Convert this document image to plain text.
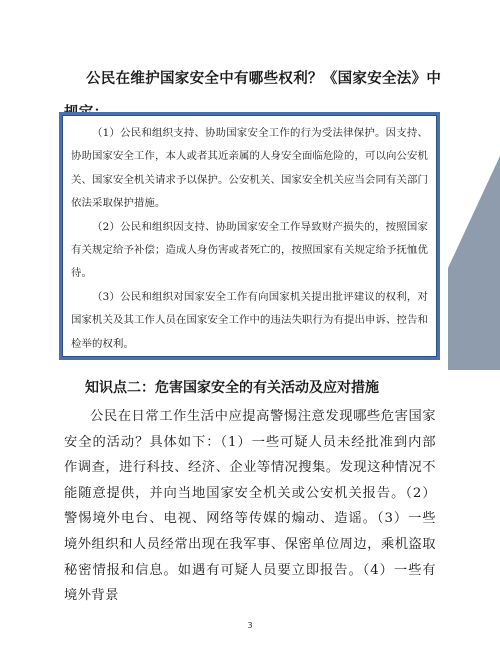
公民在维护国家安全中有哪些权利？《国家安全法》中

（1）公民和组织支持、协助国家安全工作的行为受法律保护。因支持、协助国家安全工作，本人或者其近亲属的人身安全面临危险的，可以向公安机关、国家安全机关请求予以保护。公安机关、国家安全机关应当会同有关部门依法采取保护措施。

（2）公民和组织因支持、协助国家安全工作导致财产损失的，按照国家有关规定给予补偿；造成人身伤害或者死亡的，按照国家有关规定给予抚恤优待。

（3）公民和组织对国家安全工作有向国家机关提出批评建议的权利，对国家机关及其工作人员在国家安全工作中的违法失职行为有提出申诉、控告和检举的权利。

知识点二：危害国家安全的有关活动及应对措施

公民在日常工作生活中应提高警惕注意发现哪些危害国家安全的活动？具体如下：（1）一些可疑人员未经批准到内部作调查，进行科技、经济、企业等情况搜集。发现这种情况不能随意提供，并向当地国家安全机关或公安机关报告。（2）警惕境外电台、电视、网络等传媒的煽动、造谣。（3）一些境外组织和人员经常出现在我军事、保密单位周边，乘机盗取秘密情报和信息。如遇有可疑人员要立即报告。（4）一些有境外背景

3
